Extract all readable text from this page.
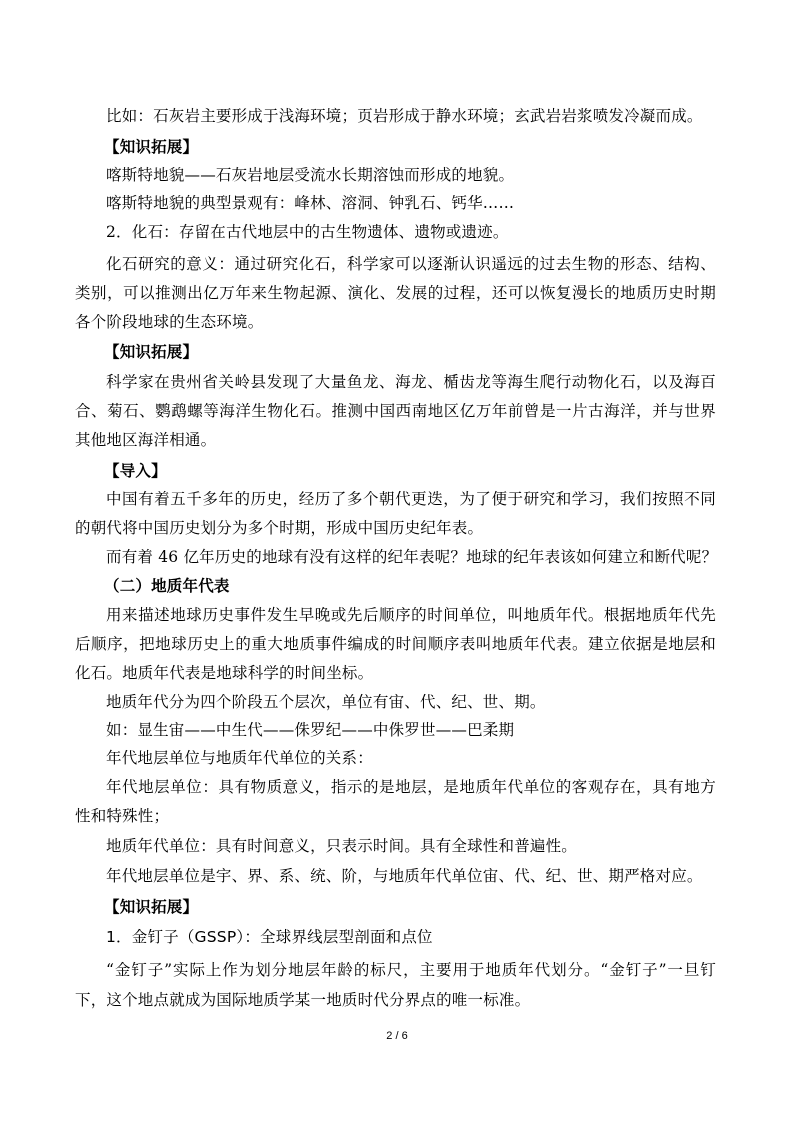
比如：石灰岩主要形成于浅海环境；页岩形成于静水环境；玄武岩岩浆喷发冷凝而成。
【知识拓展】
喀斯特地貌——石灰岩地层受流水长期溶蚀而形成的地貌。
喀斯特地貌的典型景观有：峰林、溶洞、钟乳石、钙华……
2．化石：存留在古代地层中的古生物遗体、遗物或遗迹。
化石研究的意义：通过研究化石，科学家可以逐渐认识遥远的过去生物的形态、结构、
类别，可以推测出亿万年来生物起源、演化、发展的过程，还可以恢复漫长的地质历史时期
各个阶段地球的生态环境。
【知识拓展】
科学家在贵州省关岭县发现了大量鱼龙、海龙、楯齿龙等海生爬行动物化石，以及海百
合、菊石、鹦鹉螺等海洋生物化石。推测中国西南地区亿万年前曾是一片古海洋，并与世界
其他地区海洋相通。
【导入】
中国有着五千多年的历史，经历了多个朝代更迭，为了便于研究和学习，我们按照不同
的朝代将中国历史划分为多个时期，形成中国历史纪年表。
而有着 46 亿年历史的地球有没有这样的纪年表呢？地球的纪年表该如何建立和断代呢？
（二）地质年代表
用来描述地球历史事件发生早晚或先后顺序的时间单位，叫地质年代。根据地质年代先
后顺序，把地球历史上的重大地质事件编成的时间顺序表叫地质年代表。建立依据是地层和
化石。地质年代表是地球科学的时间坐标。
地质年代分为四个阶段五个层次，单位有宙、代、纪、世、期。
如：显生宙——中生代——侏罗纪——中侏罗世——巴柔期
年代地层单位与地质年代单位的关系：
年代地层单位：具有物质意义，指示的是地层，是地质年代单位的客观存在，具有地方
性和特殊性；
地质年代单位：具有时间意义，只表示时间。具有全球性和普遍性。
年代地层单位是宇、界、系、统、阶，与地质年代单位宙、代、纪、世、期严格对应。
【知识拓展】
1．金钉子（GSSP）：全球界线层型剖面和点位
“金钉子”实际上作为划分地层年龄的标尺，主要用于地质年代划分。“金钉子”一旦钉
下，这个地点就成为国际地质学某一地质时代分界点的唯一标准。
2 / 6
